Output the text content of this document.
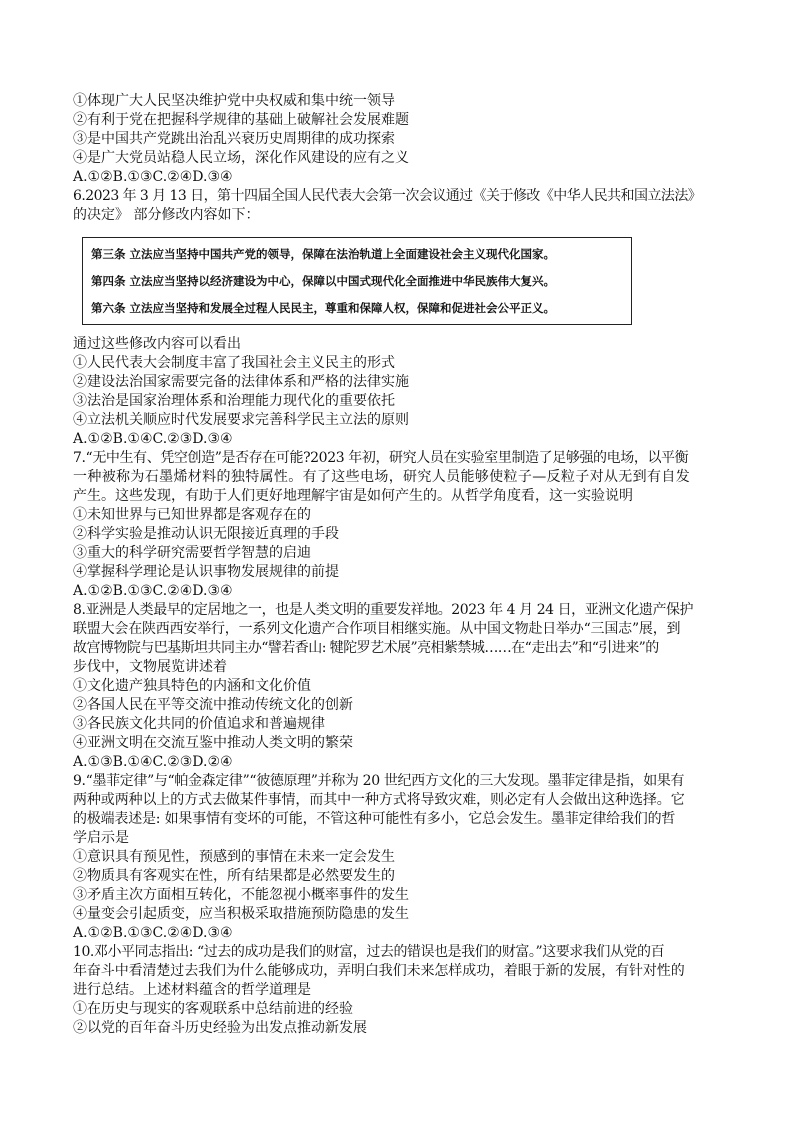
①体现广大人民坚决维护党中央权威和集中统一领导
②有利于党在把握科学规律的基础上破解社会发展难题
③是中国共产党跳出治乱兴衰历史周期律的成功探索
④是广大党员站稳人民立场，深化作风建设的应有之义
A.①②B.①③C.②④D.③④
6.2023 年 3 月 13 日，第十四届全国人民代表大会第一次会议通过《关于修改《中华人民共和国立法法》
的决定》 部分修改内容如下：
第三条 立法应当坚持中国共产党的领导，保障在法治轨道上全面建设社会主义现代化国家。
第四条 立法应当坚持以经济建设为中心，保障以中国式现代化全面推进中华民族伟大复兴。
第六条 立法应当坚持和发展全过程人民民主，尊重和保障人权，保障和促进社会公平正义。
通过这些修改内容可以看出
①人民代表大会制度丰富了我国社会主义民主的形式
②建设法治国家需要完备的法律体系和严格的法律实施
③法治是国家治理体系和治理能力现代化的重要依托
④立法机关顺应时代发展要求完善科学民主立法的原则
A.①②B.①④C.②③D.③④
7.“无中生有、凭空创造”是否存在可能?2023 年初，研究人员在实验室里制造了足够强的电场，以平衡
一种被称为石墨烯材料的独特属性。有了这些电场，研究人员能够使粒子—反粒子对从无到有自发
产生。这些发现，有助于人们更好地理解宇宙是如何产生的。从哲学角度看，这一实验说明
①未知世界与已知世界都是客观存在的
②科学实验是推动认识无限接近真理的手段
③重大的科学研究需要哲学智慧的启迪
④掌握科学理论是认识事物发展规律的前提
A.①②B.①③C.②④D.③④
8.亚洲是人类最早的定居地之一，也是人类文明的重要发祥地。2023 年 4 月 24 日，亚洲文化遗产保护
联盟大会在陕西西安举行，一系列文化遗产合作项目相继实施。从中国文物赴日举办“三国志”展，到
故宫博物院与巴基斯坦共同主办“譬若香山: 犍陀罗艺术展”亮相紫禁城……在“走出去”和“引进来”的
步伐中，文物展览讲述着
①文化遗产独具特色的内涵和文化价值
②各国人民在平等交流中推动传统文化的创新
③各民族文化共同的价值追求和普遍规律
④亚洲文明在交流互鉴中推动人类文明的繁荣
A.①③B.①④C.②③D.②④
9.“墨菲定律”与“帕金森定律”“彼德原理”并称为 20 世纪西方文化的三大发现。墨菲定律是指，如果有
两种或两种以上的方式去做某件事情，而其中一种方式将导致灾难，则必定有人会做出这种选择。它
的极端表述是: 如果事情有变坏的可能，不管这种可能性有多小，它总会发生。墨菲定律给我们的哲
学启示是
①意识具有预见性，预感到的事情在未来一定会发生
②物质具有客观实在性，所有结果都是必然要发生的
③矛盾主次方面相互转化，不能忽视小概率事件的发生
④量变会引起质变，应当积极采取措施预防隐患的发生
A.①②B.①③C.②④D.③④
10.邓小平同志指出: “过去的成功是我们的财富，过去的错误也是我们的财富。”这要求我们从党的百
年奋斗中看清楚过去我们为什么能够成功，弄明白我们未来怎样成功，着眼于新的发展，有针对性的
进行总结。上述材料蕴含的哲学道理是
①在历史与现实的客观联系中总结前进的经验
②以党的百年奋斗历史经验为出发点推动新发展
